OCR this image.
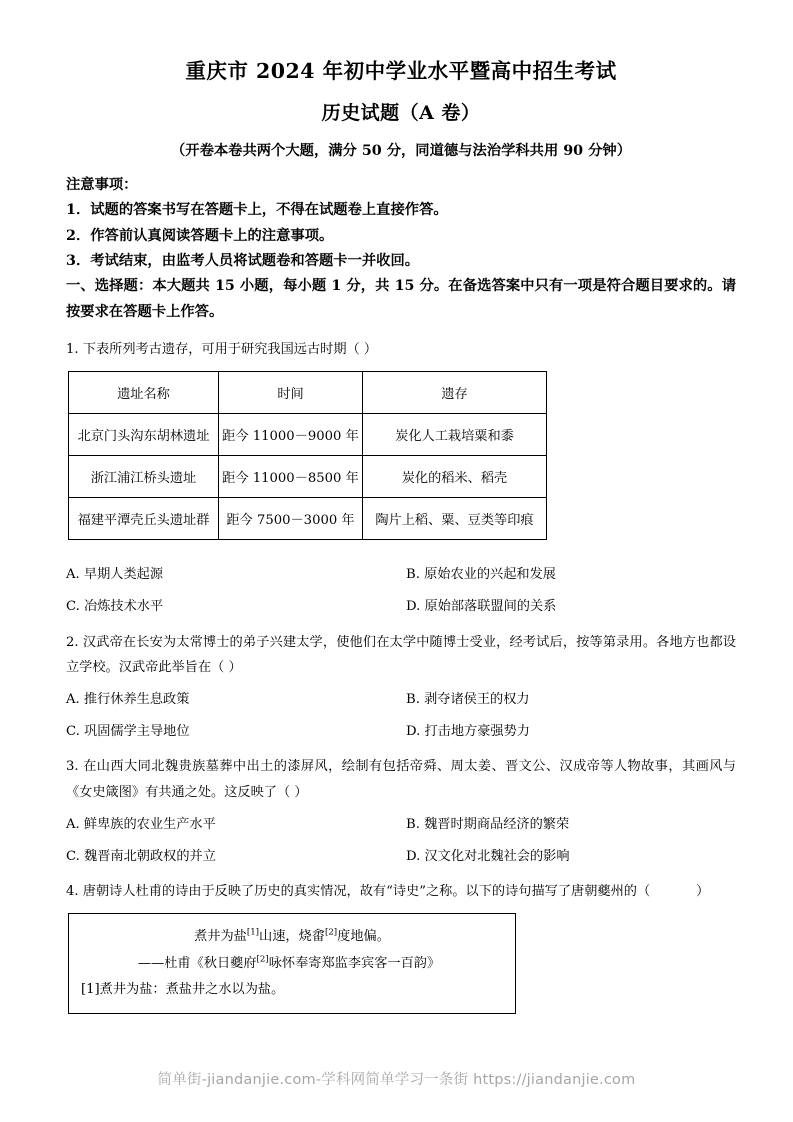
重庆市 2024 年初中学业水平暨高中招生考试
历史试题（A 卷）

（开卷本卷共两个大题，满分 50 分，同道德与法治学科共用 90 分钟）

注意事项：

1．试题的答案书写在答题卡上，不得在试题卷上直接作答。

2．作答前认真阅读答题卡上的注意事项。

3．考试结束，由监考人员将试题卷和答题卡一并收回。

一、选择题：本大题共 15 小题，每小题 1 分，共 15 分。在备选答案中只有一项是符合题目要求的。请按要求在答题卡上作答。

1. 下表所列考古遗存，可用于研究我国远古时期（ ）

遗址名称	时间	遗存
北京门头沟东胡林遗址	距今 11000－9000 年	炭化人工栽培粟和黍
浙江浦江桥头遗址	距今 11000－8500 年	炭化的稻米、稻壳
福建平潭壳丘头遗址群	距今 7500－3000 年	陶片上稻、粟、豆类等印痕
A. 早期人类起源	B. 原始农业的兴起和发展

C. 冶炼技术水平	D. 原始部落联盟间的关系

2. 汉武帝在长安为太常博士的弟子兴建太学，使他们在太学中随博士受业，经考试后，按等第录用。各地方也都设立学校。汉武帝此举旨在（ ）

A. 推行休养生息政策	B. 剥夺诸侯王的权力

C. 巩固儒学主导地位	D. 打击地方豪强势力

3. 在山西大同北魏贵族墓葬中出土的漆屏风，绘制有包括帝舜、周太姜、晋文公、汉成帝等人物故事，其画风与《女史箴图》有共通之处。这反映了（ ）

A. 鲜卑族的农业生产水平	B. 魏晋时期商品经济的繁荣

C. 魏晋南北朝政权的并立	D. 汉文化对北魏社会的影响

4. 唐朝诗人杜甫的诗由于反映了历史的真实情况，故有“诗史”之称。以下的诗句描写了唐朝夔州的（	）

煮井为盐[1]山速，烧畬[2]度地偏。

——杜甫《秋日夔府[2]咏怀奉寄郑监李宾客一百韵》

[1]煮井为盐：煮盐井之水以为盐。

简单街-jiandanjie.com-学科网简单学习一条街 https://jiandanjie.com
